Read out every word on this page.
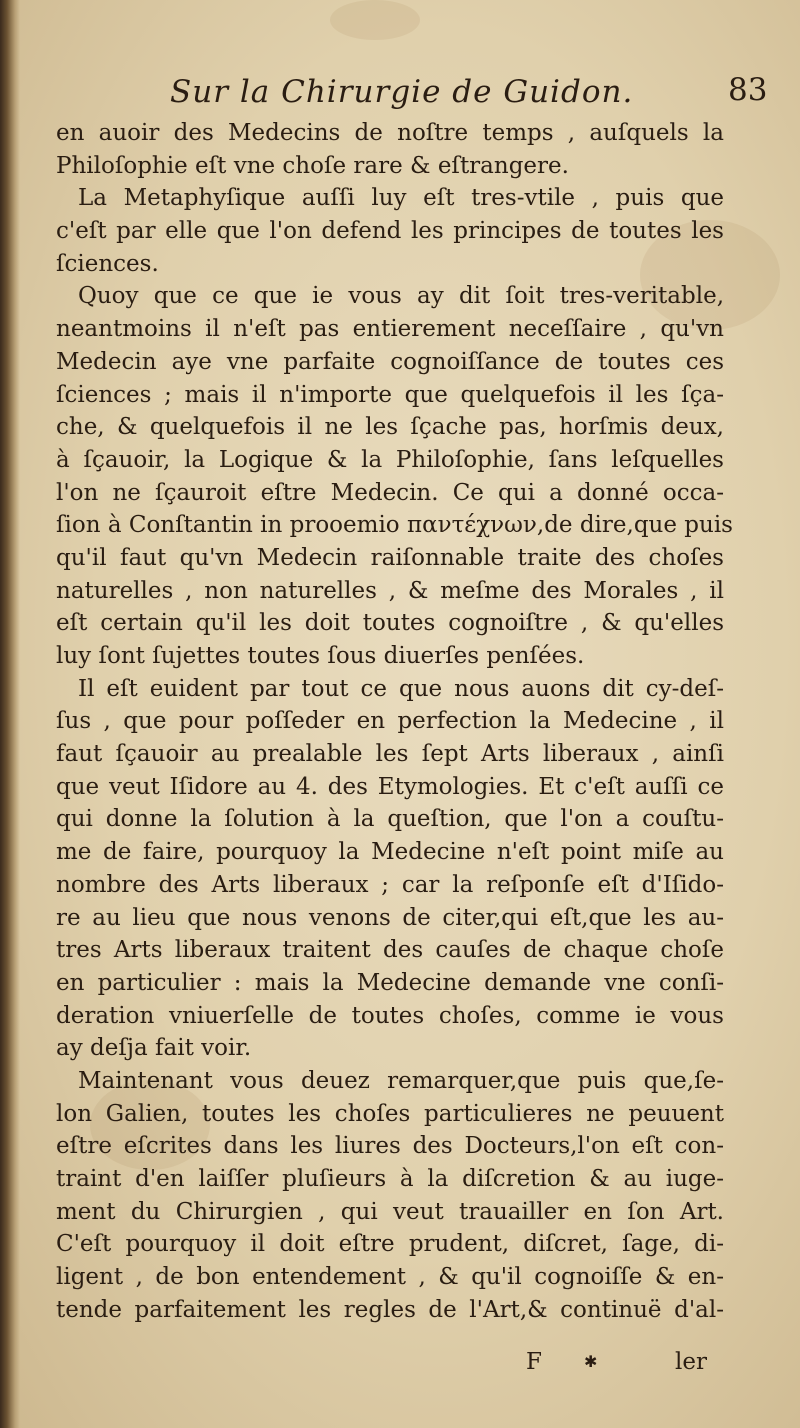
Sur la Chirurgie de Guidon.	83
en auoir des Medecins de noſtre temps , auſquels la
Philoſophie eſt vne choſe rare & eſtrangere.
La Metaphyſique auſſi luy eſt tres-vtile , puis que
c'eſt par elle que l'on defend les principes de toutes les
ſciences.
Quoy que ce que ie vous ay dit ſoit tres-veritable,
neantmoins il n'eſt pas entierement neceſſaire , qu'vn
Medecin aye vne parfaite cognoiſſance de toutes ces
ſciences ; mais il n'importe que quelquefois il les ſça-
che, & quelquefois il ne les ſçache pas, horſmis deux,
à ſçauoir, la Logique & la Philoſophie, ſans leſquelles
l'on ne ſçauroit eſtre Medecin. Ce qui a donné occa-
ſion à Conſtantin in prooemio παντέχνων,de dire,que puis
qu'il faut qu'vn Medecin raiſonnable traite des choſes
naturelles , non naturelles , & meſme des Morales , il
eſt certain qu'il les doit toutes cognoiſtre , & qu'elles
luy ſont ſujettes toutes ſous diuerſes penſées.
Il eſt euident par tout ce que nous auons dit cy-deſ-
ſus , que pour poſſeder en perfection la Medecine , il
faut ſçauoir au prealable les ſept Arts liberaux , ainſi
que veut Iſidore au 4. des Etymologies. Et c'eſt auſſi ce
qui donne la ſolution à la queſtion, que l'on a couſtu-
me de faire, pourquoy la Medecine n'eſt point miſe au
nombre des Arts liberaux ; car la reſponſe eſt d'Iſido-
re au lieu que nous venons de citer,qui eſt,que les au-
tres Arts liberaux traitent des cauſes de chaque choſe
en particulier : mais la Medecine demande vne conſi-
deration vniuerſelle de toutes choſes, comme ie vous
ay deſja fait voir.
Maintenant vous deuez remarquer,que puis que,ſe-
lon Galien, toutes les choſes particulieres ne peuuent
eſtre eſcrites dans les liures des Docteurs,l'on eſt con-
traint d'en laiſſer pluſieurs à la diſcretion & au iuge-
ment du Chirurgien , qui veut trauailler en ſon Art.
C'eſt pourquoy il doit eſtre prudent, diſcret, ſage, di-
ligent , de bon entendement , & qu'il cognoiſſe & en-
tende parfaitement les regles de l'Art,& continuë d'al-
F	✱	ler
